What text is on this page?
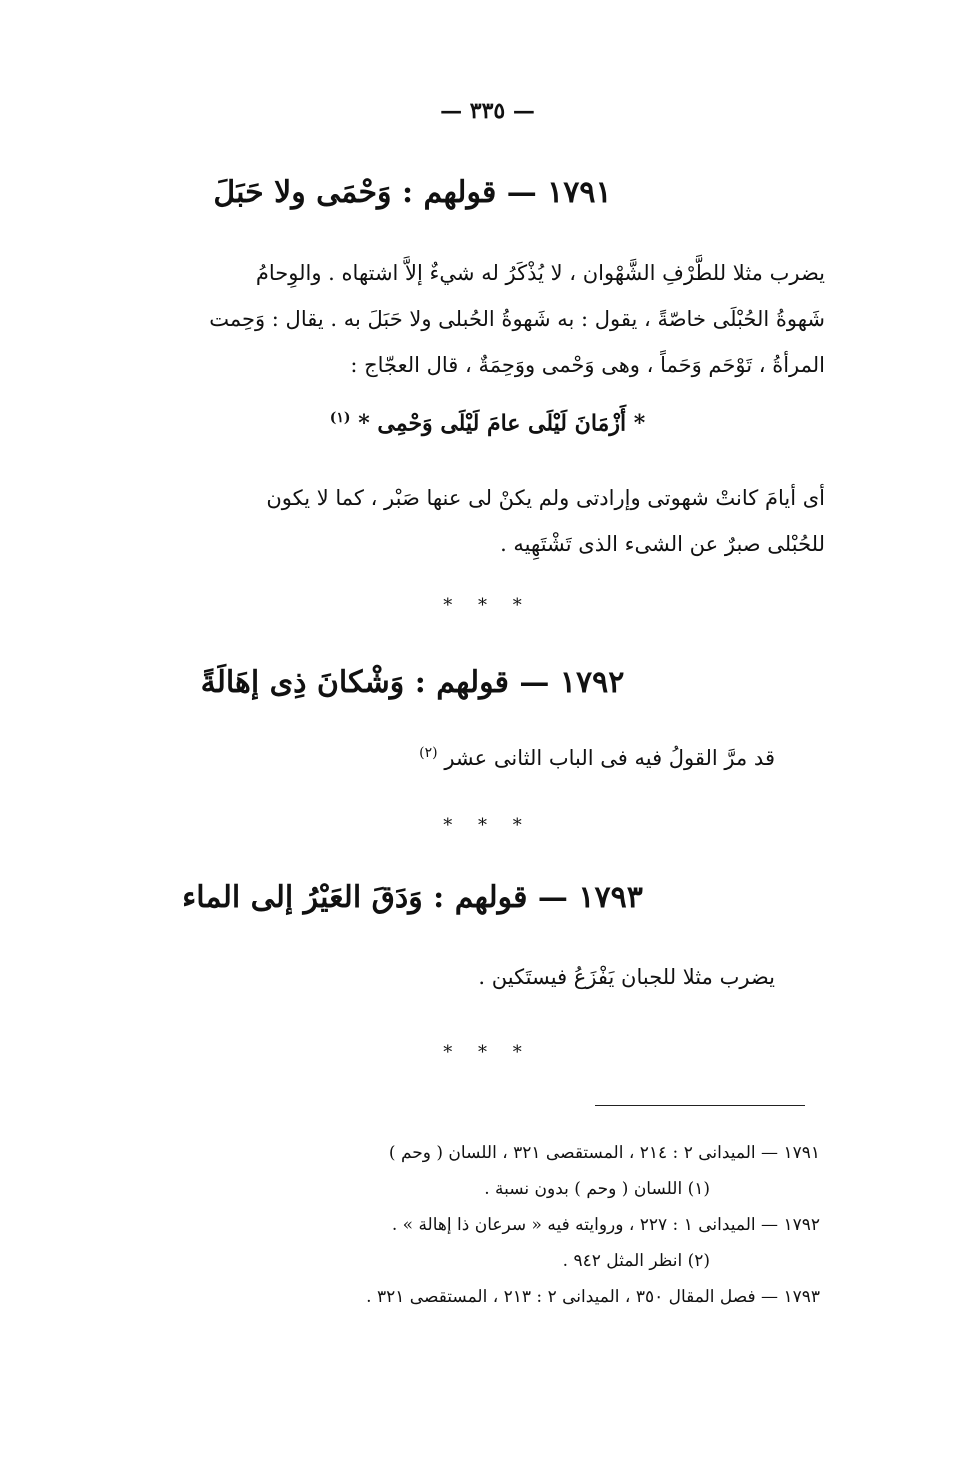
— ٣٣٥ —
١٧٩١ — قولهم : وَحْمَى ولا حَبَلَ
يضرب مثلا للطَّرْفِ الشَّهْوان ، لا يُذْكَرُ له شيءٌ إلاَّ اشتهاه . والوِحامُ
شَهوةُ الحُبْلَى خاصّةً ، يقول : به شَهوةُ الحُبلى ولا حَبَلَ به . يقال : وَحِمت
المرأةُ ، تَوْحَم وَحَماً ، وهى وَحْمى ووَحِمَةٌ ، قال العجّاج :
* أَزْمَانَ لَيْلَى عامَ لَيْلَى وَحْمِى * $^{(١)}$
أى أيامَ كانتْ شهوتى وإرادتى ولم يكنْ لى عنها صَبْر ، كما لا يكون
للحُبْلى صبرٌ عن الشىء الذى تَشْتَهِيه .
* * *
١٧٩٢ — قولهم : وَشْكانَ ذِى إهَالَةً
قد مرَّ القولُ فيه فى الباب الثانى عشر $^{(٢)}$
* * *
١٧٩٣ — قولهم : وَدَقَ العَيْرُ إلى الماء
يضرب مثلا للجبان يَفْزَعُ فيستَكين .
* * *
١٧٩١ — الميدانى ٢ : ٢١٤ ، المستقصى ٣٢١ ، اللسان ( وحم )
(١) اللسان ( وحم ) بدون نسبة .
١٧٩٢ — الميدانى ١ : ٢٢٧ ، وروايته فيه « سرعان ذا إهالة » .
(٢) انظر المثل ٩٤٢ .
١٧٩٣ — فصل المقال ٣٥٠ ، الميدانى ٢ : ٢١٣ ، المستقصى ٣٢١ .
